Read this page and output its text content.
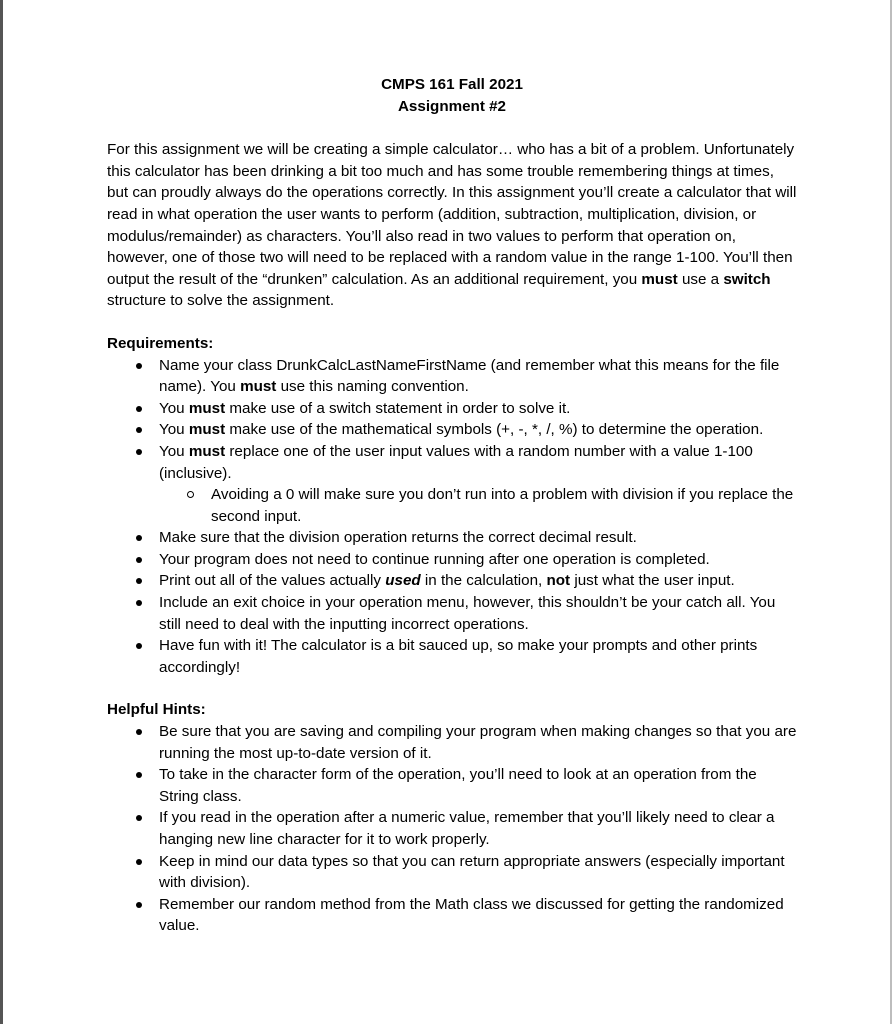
CMPS 161 Fall 2021
Assignment #2

For this assignment we will be creating a simple calculator… who has a bit of a problem. Unfortunately this calculator has been drinking a bit too much and has some trouble remembering things at times, but can proudly always do the operations correctly. In this assignment you’ll create a calculator that will read in what operation the user wants to perform (addition, subtraction, multiplication, division, or modulus/remainder) as characters. You’ll also read in two values to perform that operation on, however, one of those two will need to be replaced with a random value in the range 1-100. You’ll then output the result of the “drunken” calculation. As an additional requirement, you must use a switch structure to solve the assignment.

Requirements:
Name your class DrunkCalcLastNameFirstName (and remember what this means for the file name). You must use this naming convention.
You must make use of a switch statement in order to solve it.
You must make use of the mathematical symbols (+, -, *, /, %) to determine the operation.
You must replace one of the user input values with a random number with a value 1-100 (inclusive).
Avoiding a 0 will make sure you don’t run into a problem with division if you replace the second input.
Make sure that the division operation returns the correct decimal result.
Your program does not need to continue running after one operation is completed.
Print out all of the values actually used in the calculation, not just what the user input.
Include an exit choice in your operation menu, however, this shouldn’t be your catch all. You still need to deal with the inputting incorrect operations.
Have fun with it! The calculator is a bit sauced up, so make your prompts and other prints accordingly!
Helpful Hints:
Be sure that you are saving and compiling your program when making changes so that you are running the most up-to-date version of it.
To take in the character form of the operation, you’ll need to look at an operation from the String class.
If you read in the operation after a numeric value, remember that you’ll likely need to clear a hanging new line character for it to work properly.
Keep in mind our data types so that you can return appropriate answers (especially important with division).
Remember our random method from the Math class we discussed for getting the randomized value.
